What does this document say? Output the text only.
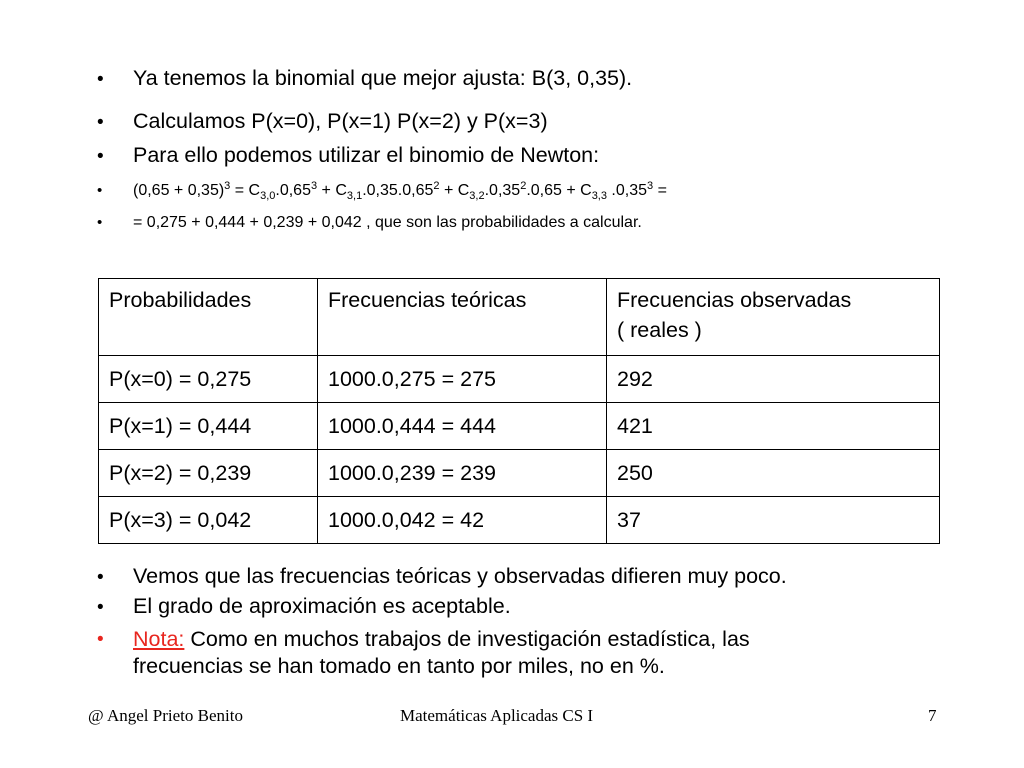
• Ya tenemos la binomial que mejor ajusta: B(3, 0,35).
• Calculamos P(x=0), P(x=1) P(x=2) y P(x=3)
• Para ello podemos utilizar el binomio de Newton:
• $(0,65 + 0,35)^3 = C_{3,0}.0,65^3 + C_{3,1}.0,35.0,65^2 + C_{3,2}.0,35^2.0,65 + C_{3,3}$ $.0,35^3$ =
• = 0,275 + 0,444 + 0,239 + 0,042 , que son las probabilidades a calcular.
Probabilidades	Frecuencias teóricas	Frecuencias observadas
( reales )
P(x=0) = 0,275	1000.0,275 = 275	292
P(x=1) = 0,444	1000.0,444 = 444	421
P(x=2) = 0,239	1000.0,239 = 239	250
P(x=3) = 0,042	1000.0,042 = 42	37
• Vemos que las frecuencias teóricas y observadas difieren muy poco.
• El grado de aproximación es aceptable.
• Nota: Como en muchos trabajos de investigación estadística, las
frecuencias se han tomado en tanto por miles, no en %.
@ Angel Prieto Benito	Matemáticas Aplicadas CS I	7
